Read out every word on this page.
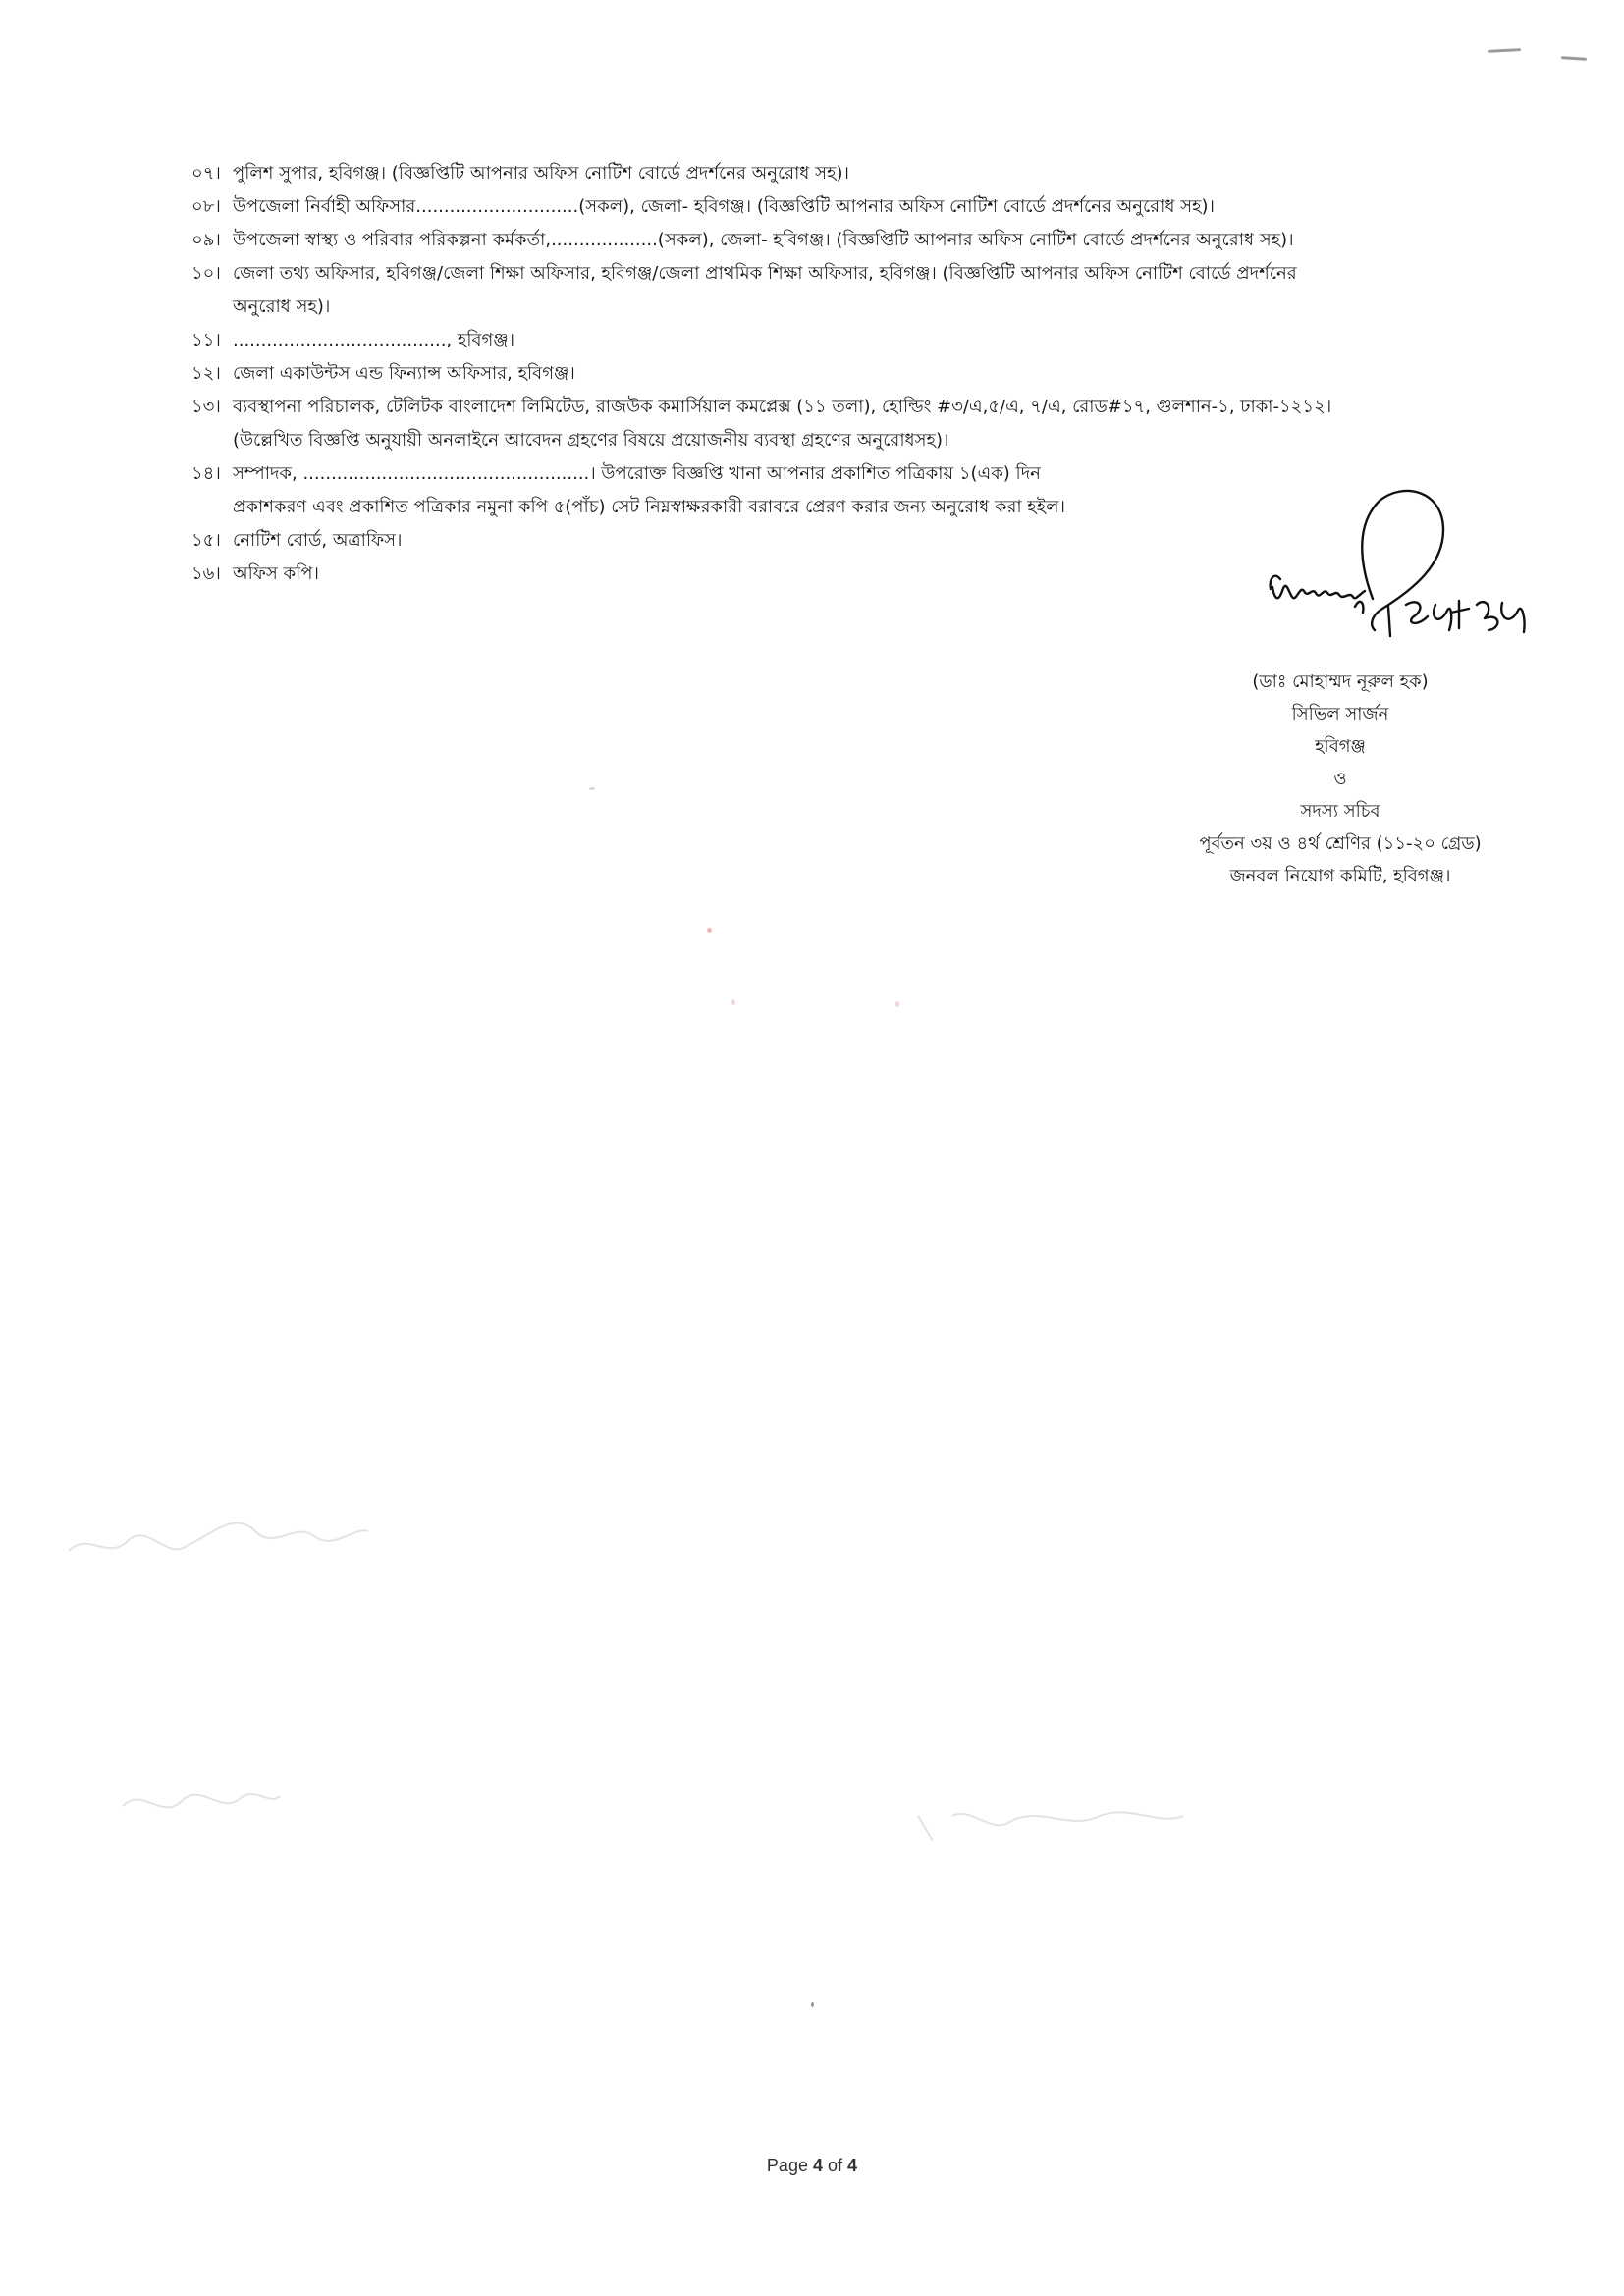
০৭। পুলিশ সুপার, হবিগঞ্জ। (বিজ্ঞপ্তিটি আপনার অফিস নোটিশ বোর্ডে প্রদর্শনের অনুরোধ সহ)।
০৮। উপজেলা নির্বাহী অফিসার.............................(সকল), জেলা- হবিগঞ্জ। (বিজ্ঞপ্তিটি আপনার অফিস নোটিশ বোর্ডে প্রদর্শনের অনুরোধ সহ)।
০৯। উপজেলা স্বাস্থ্য ও পরিবার পরিকল্পনা কর্মকর্তা,...................(সকল), জেলা- হবিগঞ্জ। (বিজ্ঞপ্তিটি আপনার অফিস নোটিশ বোর্ডে প্রদর্শনের অনুরোধ সহ)।
১০। জেলা তথ্য অফিসার, হবিগঞ্জ/জেলা শিক্ষা অফিসার, হবিগঞ্জ/জেলা প্রাথমিক শিক্ষা অফিসার, হবিগঞ্জ। (বিজ্ঞপ্তিটি আপনার অফিস নোটিশ বোর্ডে প্রদর্শনের
অনুরোধ সহ)।
১১। ......................................, হবিগঞ্জ।
১২। জেলা একাউন্টস এন্ড ফিন্যান্স অফিসার, হবিগঞ্জ।
১৩। ব্যবস্থাপনা পরিচালক, টেলিটক বাংলাদেশ লিমিটেড, রাজউক কমার্সিয়াল কমপ্লেক্স (১১ তলা), হোল্ডিং #৩/এ,৫/এ, ৭/এ, রোড#১৭, গুলশান-১, ঢাকা-১২১২।
(উল্লেখিত বিজ্ঞপ্তি অনুযায়ী অনলাইনে আবেদন গ্রহণের বিষয়ে প্রয়োজনীয় ব্যবস্থা গ্রহণের অনুরোধসহ)।
১৪। সম্পাদক, ...................................................। উপরোক্ত বিজ্ঞপ্তি খানা আপনার প্রকাশিত পত্রিকায় ১(এক) দিন
প্রকাশকরণ এবং প্রকাশিত পত্রিকার নমুনা কপি ৫(পাঁচ) সেট নিম্নস্বাক্ষরকারী বরাবরে প্রেরণ করার জন্য অনুরোধ করা হইল।
১৫। নোটিশ বোর্ড, অত্রাফিস।
১৬। অফিস কপি।
(ডাঃ মোহাম্মদ নূরুল হক)
সিভিল সার্জন
হবিগঞ্জ
ও
সদস্য সচিব
পূর্বতন ৩য় ও ৪র্থ শ্রেণির (১১-২০ গ্রেড)
জনবল নিয়োগ কমিটি, হবিগঞ্জ।
Page 4 of 4
